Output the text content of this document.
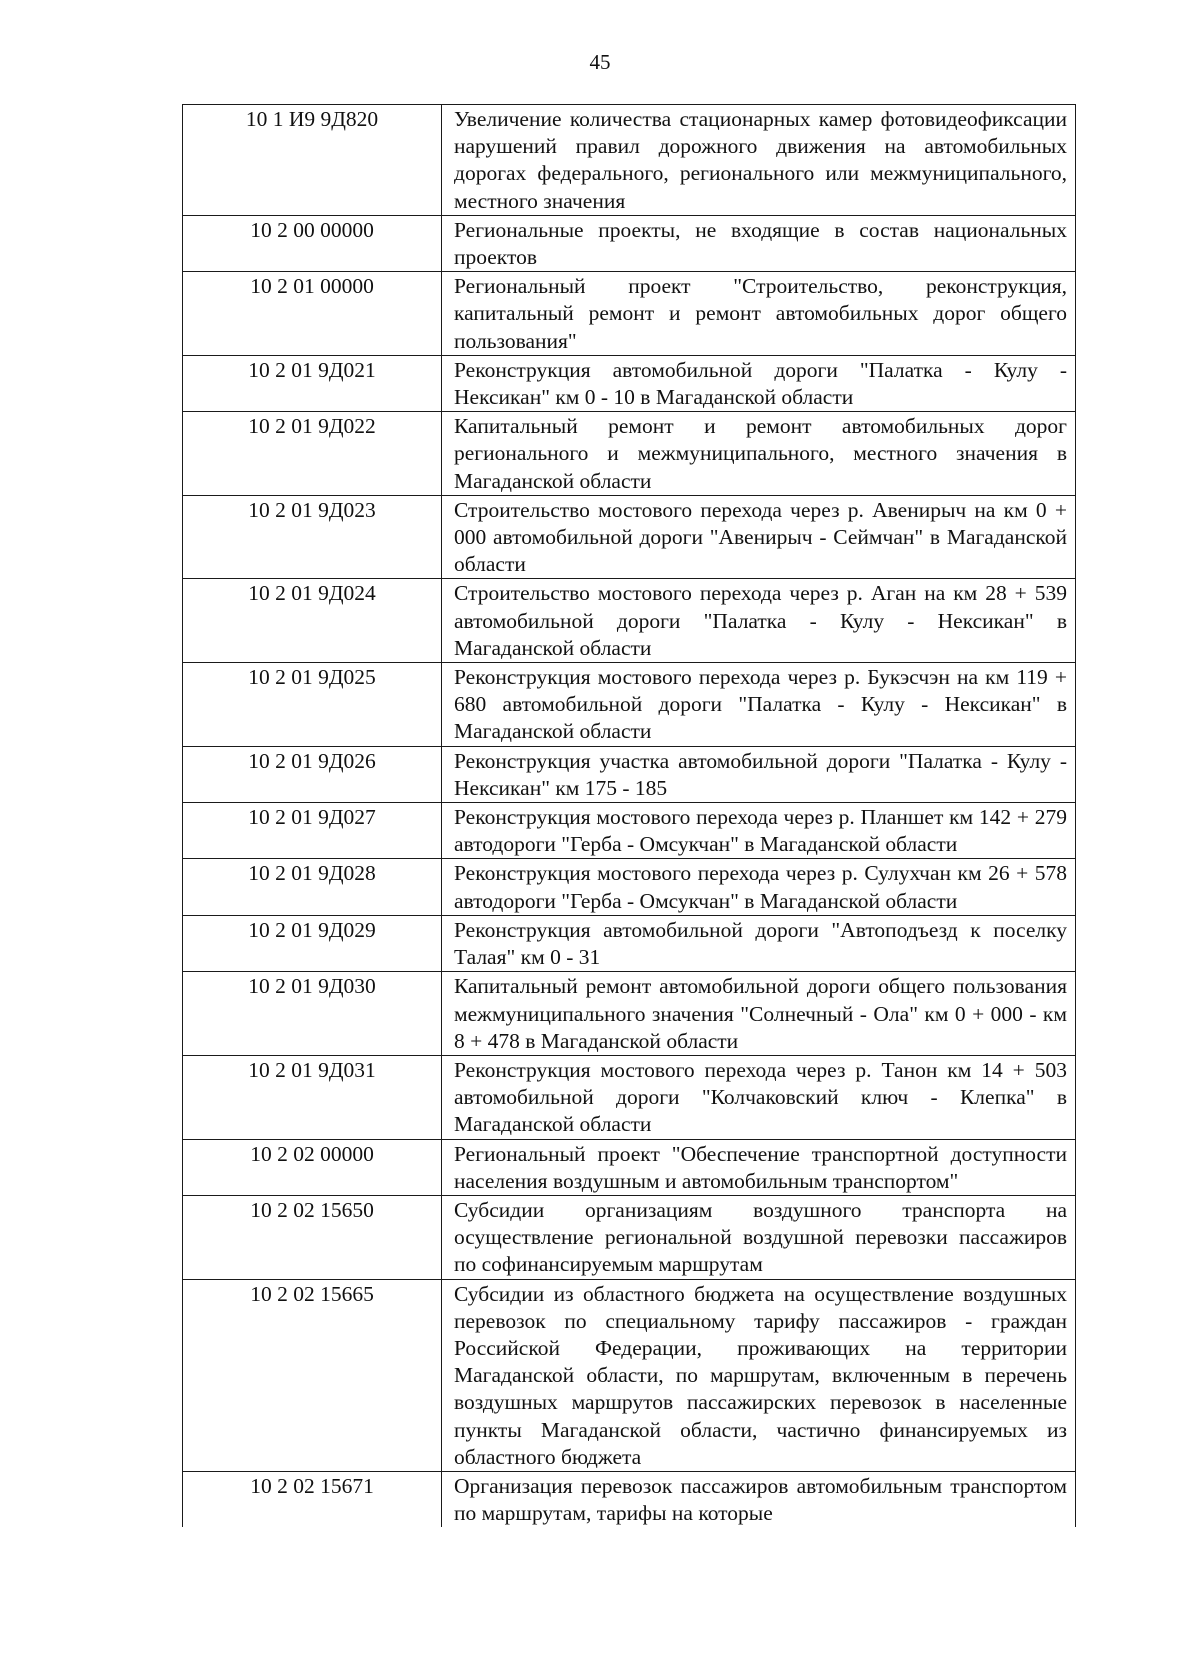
45
10 1 И9 9Д820	Увеличение количества стационарных камер фотовидеофиксации нарушений правил дорожного движения на автомобильных дорогах федерального, регионального или межмуниципального, местного значения
10 2 00 00000	Региональные проекты, не входящие в состав национальных проектов
10 2 01 00000	Региональный проект "Строительство, реконструкция, капитальный ремонт и ремонт автомобильных дорог общего пользования"
10 2 01 9Д021	Реконструкция автомобильной дороги "Палатка - Кулу - Нексикан" км 0 - 10 в Магаданской области
10 2 01 9Д022	Капитальный ремонт и ремонт автомобильных дорог регионального и межмуниципального, местного значения в Магаданской области
10 2 01 9Д023	Строительство мостового перехода через р. Авенирыч на км 0 + 000 автомобильной дороги "Авенирыч - Сеймчан" в Магаданской области
10 2 01 9Д024	Строительство мостового перехода через р. Аган на км 28 + 539 автомобильной дороги "Палатка - Кулу - Нексикан" в Магаданской области
10 2 01 9Д025	Реконструкция мостового перехода через р. Букэсчэн на км 119 + 680 автомобильной дороги "Палатка - Кулу - Нексикан" в Магаданской области
10 2 01 9Д026	Реконструкция участка автомобильной дороги "Палатка - Кулу - Нексикан" км 175 - 185
10 2 01 9Д027	Реконструкция мостового перехода через р. Планшет км 142 + 279 автодороги "Герба - Омсукчан" в Магаданской области
10 2 01 9Д028	Реконструкция мостового перехода через р. Сулухчан км 26 + 578 автодороги "Герба - Омсукчан" в Магаданской области
10 2 01 9Д029	Реконструкция автомобильной дороги "Автоподъезд к поселку Талая" км 0 - 31
10 2 01 9Д030	Капитальный ремонт автомобильной дороги общего пользования межмуниципального значения "Солнечный - Ола" км 0 + 000 - км 8 + 478 в Магаданской области
10 2 01 9Д031	Реконструкция мостового перехода через р. Танон км 14 + 503 автомобильной дороги "Колчаковский ключ - Клепка" в Магаданской области
10 2 02 00000	Региональный проект "Обеспечение транспортной доступности населения воздушным и автомобильным транспортом"
10 2 02 15650	Субсидии организациям воздушного транспорта на осуществление региональной воздушной перевозки пассажиров по софинансируемым маршрутам
10 2 02 15665	Субсидии из областного бюджета на осуществление воздушных перевозок по специальному тарифу пассажиров - граждан Российской Федерации, проживающих на территории Магаданской области, по маршрутам, включенным в перечень воздушных маршрутов пассажирских перевозок в населенные пункты Магаданской области, частично финансируемых из областного бюджета
10 2 02 15671	Организация перевозок пассажиров автомобильным транспортом по маршрутам, тарифы на которые
